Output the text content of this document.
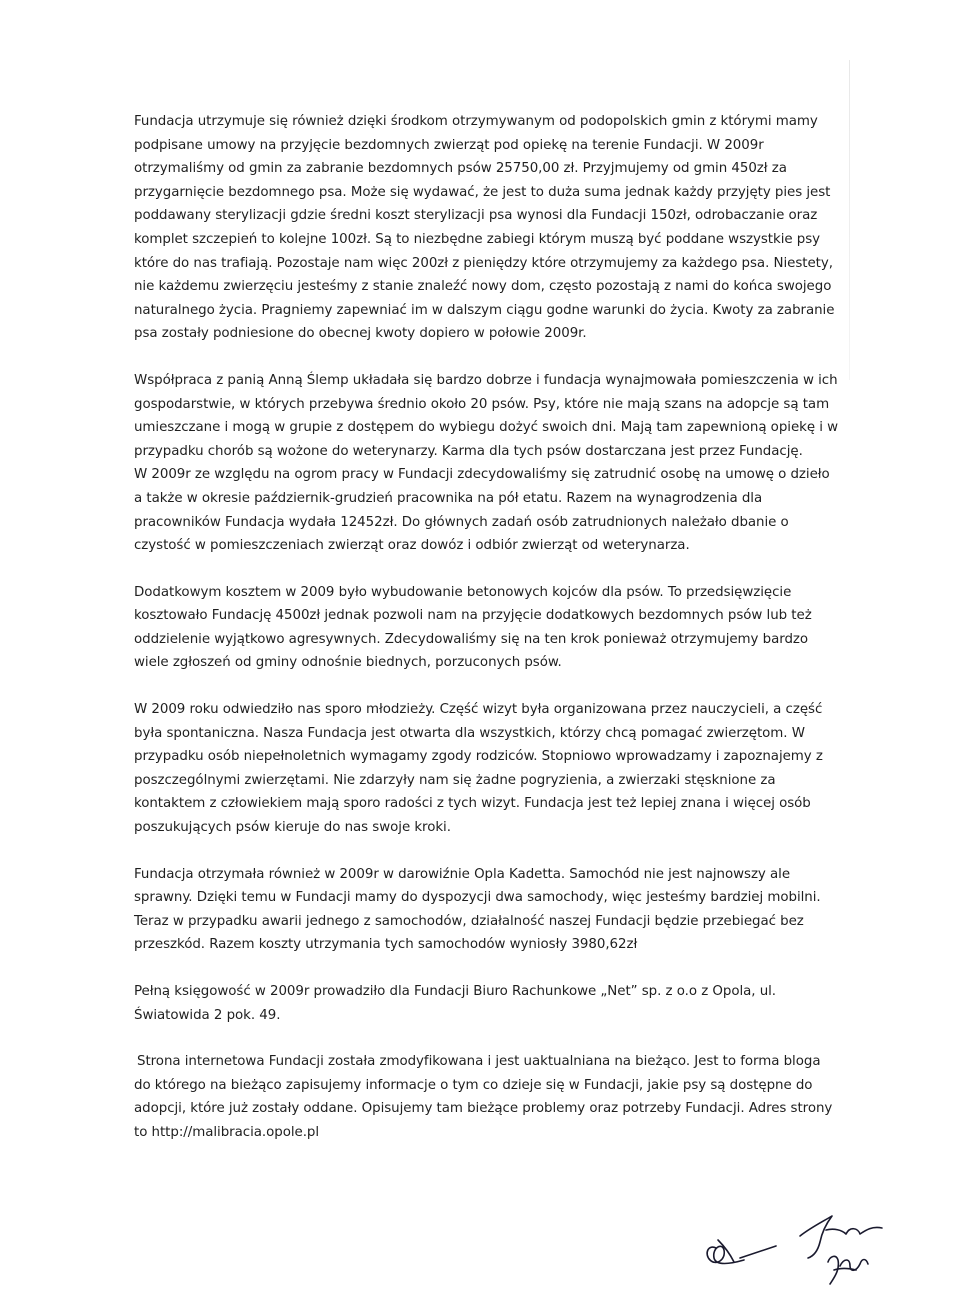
Fundacja utrzymuje się również dzięki środkom otrzymywanym od podopolskich gmin z którymi mamy podpisane umowy na przyjęcie bezdomnych zwierząt pod opiekę na terenie Fundacji. W 2009r otrzymaliśmy od gmin za zabranie bezdomnych psów 25750,00 zł. Przyjmujemy od gmin 450zł za przygarnięcie bezdomnego psa. Może się wydawać, że jest to duża suma jednak każdy przyjęty pies jest poddawany sterylizacji gdzie średni koszt sterylizacji psa wynosi dla Fundacji 150zł, odrobaczanie oraz komplet szczepień to kolejne 100zł. Są to niezbędne zabiegi którym muszą być poddane wszystkie psy które do nas trafiają. Pozostaje nam więc 200zł z pieniędzy które otrzymujemy za każdego psa. Niestety, nie każdemu zwierzęciu jesteśmy z stanie znaleźć nowy dom, często pozostają z nami do końca swojego naturalnego życia. Pragniemy zapewniać im w dalszym ciągu godne warunki do życia. Kwoty za zabranie psa zostały podniesione do obecnej kwoty dopiero w połowie 2009r.

Współpraca z panią Anną Ślemp układała się bardzo dobrze i fundacja wynajmowała pomieszczenia w ich gospodarstwie, w których przebywa średnio około 20 psów. Psy, które nie mają szans na adopcje są tam umieszczane i mogą w grupie z dostępem do wybiegu dożyć swoich dni. Mają tam zapewnioną opiekę i w przypadku chorób są wożone do weterynarzy. Karma dla tych psów dostarczana jest przez Fundację.

W 2009r ze względu na ogrom pracy w Fundacji zdecydowaliśmy się zatrudnić osobę na umowę o dzieło a także w okresie październik-grudzień pracownika na pół etatu. Razem na wynagrodzenia dla pracowników Fundacja wydała 12452zł. Do głównych zadań osób zatrudnionych należało dbanie o czystość w pomieszczeniach zwierząt oraz dowóz i odbiór zwierząt od weterynarza.

Dodatkowym kosztem w 2009 było wybudowanie betonowych kojców dla psów. To przedsięwzięcie kosztowało Fundację 4500zł jednak pozwoli nam na przyjęcie dodatkowych bezdomnych psów lub też oddzielenie wyjątkowo agresywnych. Zdecydowaliśmy się na ten krok ponieważ otrzymujemy bardzo wiele zgłoszeń od gminy odnośnie biednych, porzuconych psów.

W 2009 roku odwiedziło nas sporo młodzieży. Część wizyt była organizowana przez nauczycieli, a część była spontaniczna. Nasza Fundacja jest otwarta dla wszystkich, którzy chcą pomagać zwierzętom. W przypadku osób niepełnoletnich wymagamy zgody rodziców. Stopniowo wprowadzamy i zapoznajemy z poszczególnymi zwierzętami. Nie zdarzyły nam się żadne pogryzienia, a zwierzaki stęsknione za kontaktem z człowiekiem mają sporo radości z tych wizyt. Fundacja jest też lepiej znana i więcej osób poszukujących psów kieruje do nas swoje kroki.

Fundacja otrzymała również w 2009r w darowiźnie Opla Kadetta. Samochód nie jest najnowszy ale sprawny. Dzięki temu w Fundacji mamy do dyspozycji dwa samochody, więc jesteśmy bardziej mobilni. Teraz w przypadku awarii jednego z samochodów, działalność naszej Fundacji będzie przebiegać bez przeszkód. Razem koszty utrzymania tych samochodów wyniosły 3980,62zł

Pełną księgowość w 2009r prowadziło dla Fundacji Biuro Rachunkowe „Net” sp. z o.o z Opola, ul. Światowida 2 pok. 49.

Strona internetowa Fundacji została zmodyfikowana i jest uaktualniana na bieżąco. Jest to forma bloga do którego na bieżąco zapisujemy informacje o tym co dzieje się w Fundacji, jakie psy są dostępne do adopcji, które już zostały oddane. Opisujemy tam bieżące problemy oraz potrzeby Fundacji. Adres strony to http://malibracia.opole.pl
